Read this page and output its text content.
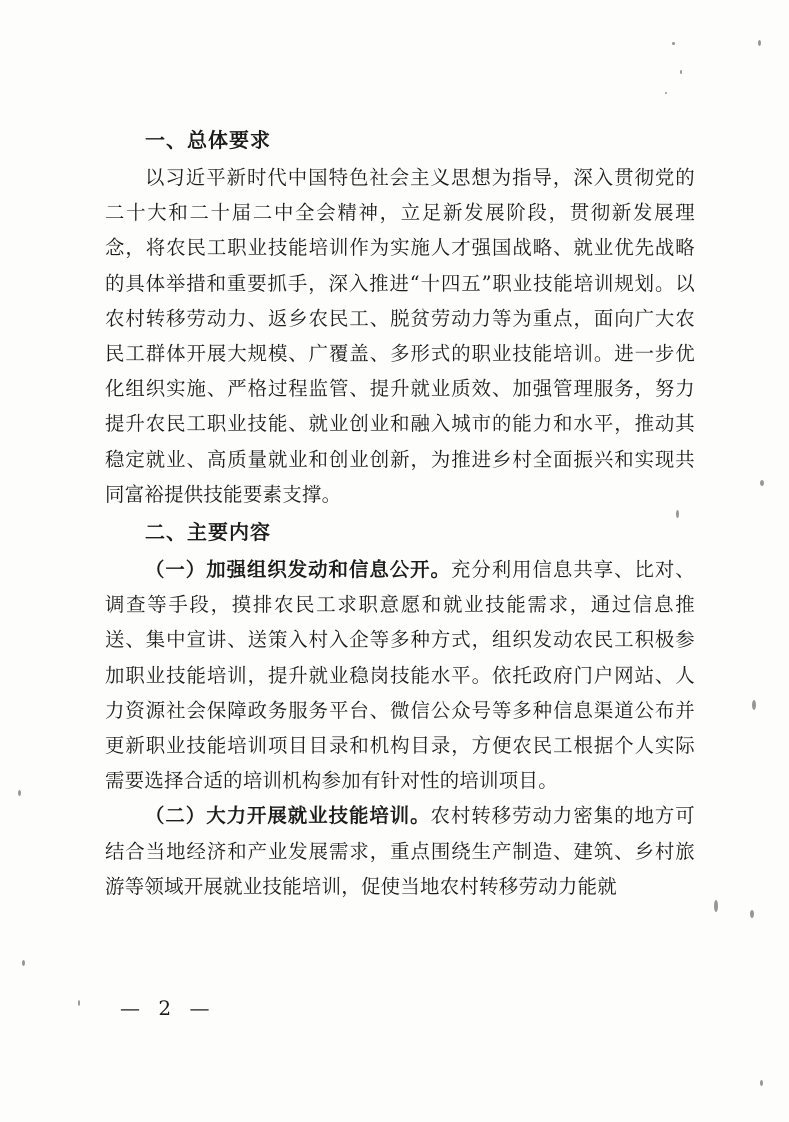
一、总体要求

以习近平新时代中国特色社会主义思想为指导，深入贯彻党的二十大和二十届二中全会精神，立足新发展阶段，贯彻新发展理念，将农民工职业技能培训作为实施人才强国战略、就业优先战略的具体举措和重要抓手，深入推进“十四五”职业技能培训规划。以农村转移劳动力、返乡农民工、脱贫劳动力等为重点，面向广大农民工群体开展大规模、广覆盖、多形式的职业技能培训。进一步优化组织实施、严格过程监管、提升就业质效、加强管理服务，努力提升农民工职业技能、就业创业和融入城市的能力和水平，推动其稳定就业、高质量就业和创业创新，为推进乡村全面振兴和实现共同富裕提供技能要素支撑。

二、主要内容

（一）加强组织发动和信息公开。充分利用信息共享、比对、调查等手段，摸排农民工求职意愿和就业技能需求，通过信息推送、集中宣讲、送策入村入企等多种方式，组织发动农民工积极参加职业技能培训，提升就业稳岗技能水平。依托政府门户网站、人力资源社会保障政务服务平台、微信公众号等多种信息渠道公布并更新职业技能培训项目目录和机构目录，方便农民工根据个人实际需要选择合适的培训机构参加有针对性的培训项目。

（二）大力开展就业技能培训。农村转移劳动力密集的地方可结合当地经济和产业发展需求，重点围绕生产制造、建筑、乡村旅游等领域开展就业技能培训，促使当地农村转移劳动力能就

— 2 —
